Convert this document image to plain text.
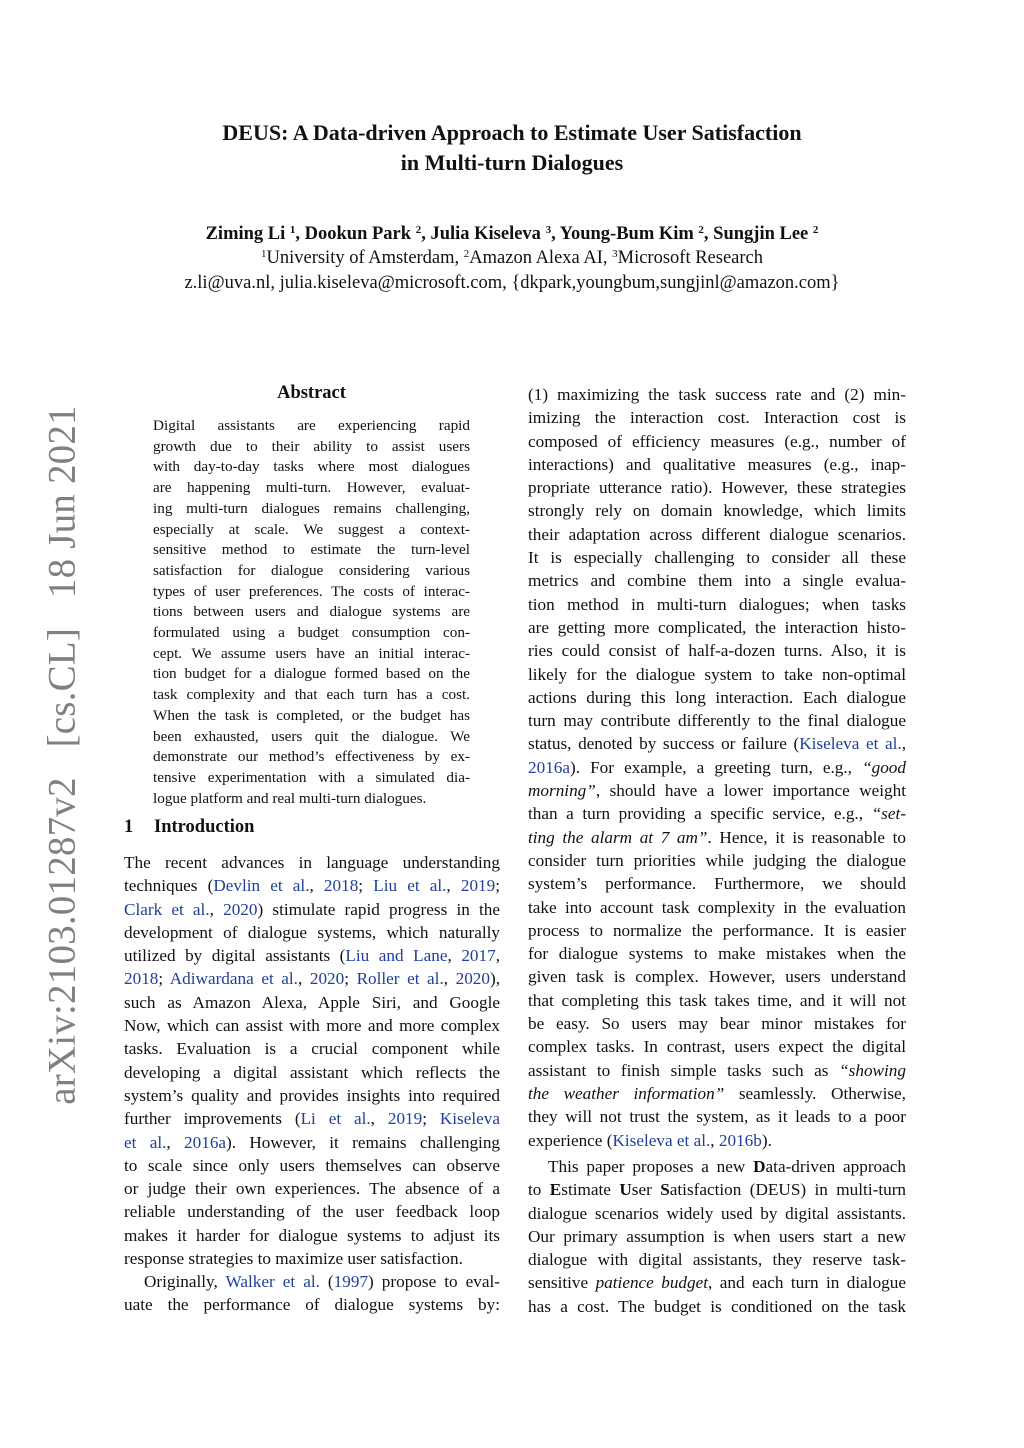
arXiv:2103.01287v2   [cs.CL]   18 Jun 2021
DEUS: A Data-driven Approach to Estimate User Satisfaction
in Multi-turn Dialogues
Ziming Li $^1$, Dookun Park $^2$, Julia Kiseleva $^3$, Young-Bum Kim $^2$, Sungjin Lee $^2$
$^1$University of Amsterdam, $^2$Amazon Alexa AI, $^3$Microsoft Research
z.li@uva.nl, julia.kiseleva@microsoft.com, {dkpark,youngbum,sungjinl@amazon.com}
Abstract
Digital assistants are experiencing rapid
growth due to their ability to assist users
with day-to-day tasks where most dialogues
are happening multi-turn. However, evaluat-
ing multi-turn dialogues remains challenging,
especially at scale. We suggest a context-
sensitive method to estimate the turn-level
satisfaction for dialogue considering various
types of user preferences. The costs of interac-
tions between users and dialogue systems are
formulated using a budget consumption con-
cept. We assume users have an initial interac-
tion budget for a dialogue formed based on the
task complexity and that each turn has a cost.
When the task is completed, or the budget has
been exhausted, users quit the dialogue. We
demonstrate our method’s effectiveness by ex-
tensive experimentation with a simulated dia-
logue platform and real multi-turn dialogues.
1 Introduction
The recent advances in language understanding
techniques (Devlin et al., 2018; Liu et al., 2019;
Clark et al., 2020) stimulate rapid progress in the
development of dialogue systems, which naturally
utilized by digital assistants (Liu and Lane, 2017,
2018; Adiwardana et al., 2020; Roller et al., 2020),
such as Amazon Alexa, Apple Siri, and Google
Now, which can assist with more and more complex
tasks. Evaluation is a crucial component while
developing a digital assistant which reflects the
system’s quality and provides insights into required
further improvements (Li et al., 2019; Kiseleva
et al., 2016a). However, it remains challenging
to scale since only users themselves can observe
or judge their own experiences. The absence of a
reliable understanding of the user feedback loop
makes it harder for dialogue systems to adjust its
response strategies to maximize user satisfaction.
Originally, Walker et al. (1997) propose to eval-
uate the performance of dialogue systems by:
(1) maximizing the task success rate and (2) min-
imizing the interaction cost. Interaction cost is
composed of efficiency measures (e.g., number of
interactions) and qualitative measures (e.g., inap-
propriate utterance ratio). However, these strategies
strongly rely on domain knowledge, which limits
their adaptation across different dialogue scenarios.
It is especially challenging to consider all these
metrics and combine them into a single evalua-
tion method in multi-turn dialogues; when tasks
are getting more complicated, the interaction histo-
ries could consist of half-a-dozen turns. Also, it is
likely for the dialogue system to take non-optimal
actions during this long interaction. Each dialogue
turn may contribute differently to the final dialogue
status, denoted by success or failure (Kiseleva et al.,
2016a). For example, a greeting turn, e.g., “good
morning”, should have a lower importance weight
than a turn providing a specific service, e.g., “set-
ting the alarm at 7 am”. Hence, it is reasonable to
consider turn priorities while judging the dialogue
system’s performance. Furthermore, we should
take into account task complexity in the evaluation
process to normalize the performance. It is easier
for dialogue systems to make mistakes when the
given task is complex. However, users understand
that completing this task takes time, and it will not
be easy. So users may bear minor mistakes for
complex tasks. In contrast, users expect the digital
assistant to finish simple tasks such as “showing
the weather information” seamlessly. Otherwise,
they will not trust the system, as it leads to a poor
experience (Kiseleva et al., 2016b).
This paper proposes a new Data-driven approach
to Estimate User Satisfaction (DEUS) in multi-turn
dialogue scenarios widely used by digital assistants.
Our primary assumption is when users start a new
dialogue with digital assistants, they reserve task-
sensitive patience budget, and each turn in dialogue
has a cost. The budget is conditioned on the task
